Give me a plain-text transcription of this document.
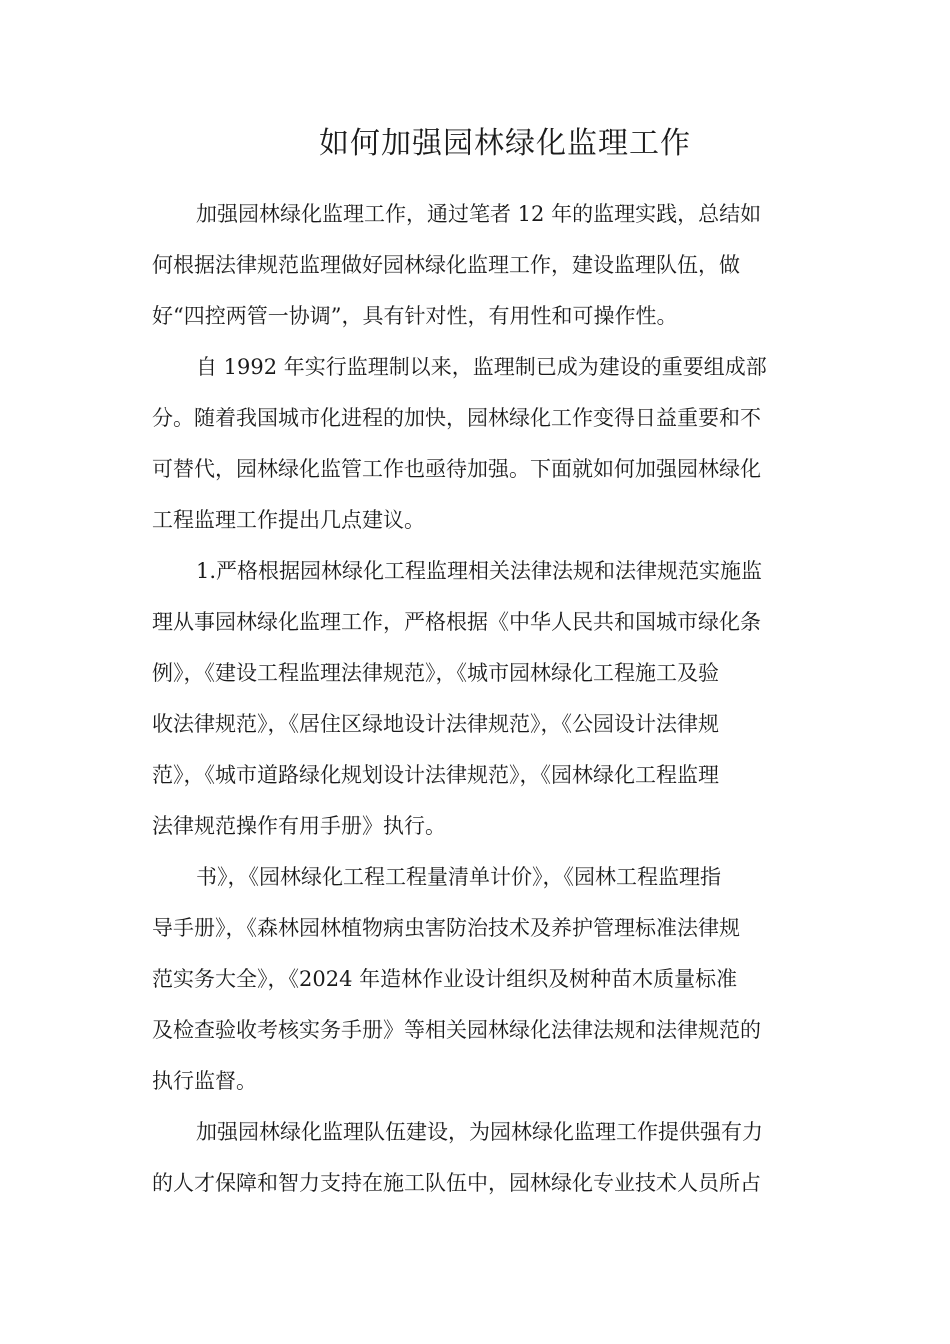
如何加强园林绿化监理工作

加强园林绿化监理工作，通过笔者 12 年的监理实践，总结如
何根据法律规范监理做好园林绿化监理工作，建设监理队伍，做
好“四控两管一协调”，具有针对性，有用性和可操作性。

自 1992 年实行监理制以来，监理制已成为建设的重要组成部
分。随着我国城市化进程的加快，园林绿化工作变得日益重要和不
可替代，园林绿化监管工作也亟待加强。下面就如何加强园林绿化
工程监理工作提出几点建议。

1.严格根据园林绿化工程监理相关法律法规和法律规范实施监
理从事园林绿化监理工作，严格根据《中华人民共和国城市绿化条
例》，《建设工程监理法律规范》，《城市园林绿化工程施工及验
收法律规范》，《居住区绿地设计法律规范》，《公园设计法律规
范》，《城市道路绿化规划设计法律规范》，《园林绿化工程监理
法律规范操作有用手册》执行。

书》，《园林绿化工程工程量清单计价》，《园林工程监理指
导手册》，《森林园林植物病虫害防治技术及养护管理标准法律规
范实务大全》，《2024 年造林作业设计组织及树种苗木质量标准
及检查验收考核实务手册》等相关园林绿化法律法规和法律规范的
执行监督。

加强园林绿化监理队伍建设，为园林绿化监理工作提供强有力
的人才保障和智力支持在施工队伍中，园林绿化专业技术人员所占
